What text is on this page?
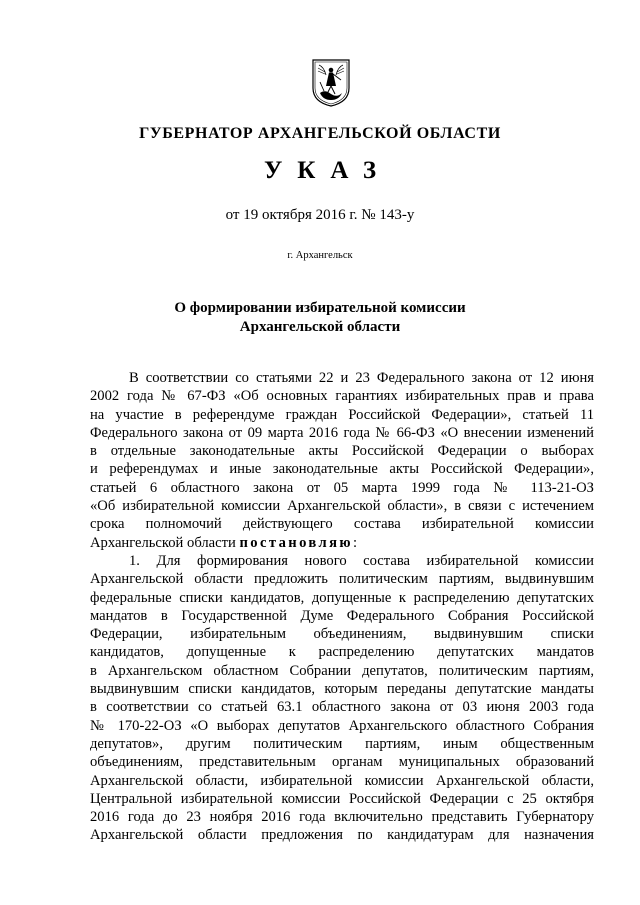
ГУБЕРНАТОР АРХАНГЕЛЬСКОЙ ОБЛАСТИ
УКАЗ
от 19 октября 2016 г. № 143-у
г. Архангельск
О формировании избирательной комиссии
Архангельской области
В соответствии со статьями 22 и 23 Федерального закона от 12 июня
2002 года № 67-ФЗ «Об основных гарантиях избирательных прав и права
на участие в референдуме граждан Российской Федерации», статьей 11
Федерального закона от 09 марта 2016 года № 66-ФЗ «О внесении изменений
в отдельные законодательные акты Российской Федерации о выборах
и референдумах и иные законодательные акты Российской Федерации»,
статьей 6 областного закона от 05 марта 1999 года № 113-21-ОЗ
«Об избирательной комиссии Архангельской области», в связи с истечением
срока полномочий действующего состава избирательной комиссии
Архангельской области постановляю:
1. Для формирования нового состава избирательной комиссии
Архангельской области предложить политическим партиям, выдвинувшим
федеральные списки кандидатов, допущенные к распределению депутатских
мандатов в Государственной Думе Федерального Собрания Российской
Федерации, избирательным объединениям, выдвинувшим списки
кандидатов, допущенные к распределению депутатских мандатов
в Архангельском областном Собрании депутатов, политическим партиям,
выдвинувшим списки кандидатов, которым переданы депутатские мандаты
в соответствии со статьей 63.1 областного закона от 03 июня 2003 года
№ 170-22-ОЗ «О выборах депутатов Архангельского областного Собрания
депутатов», другим политическим партиям, иным общественным
объединениям, представительным органам муниципальных образований
Архангельской области, избирательной комиссии Архангельской области,
Центральной избирательной комиссии Российской Федерации с 25 октября
2016 года до 23 ноября 2016 года включительно представить Губернатору
Архангельской области предложения по кандидатурам для назначения
